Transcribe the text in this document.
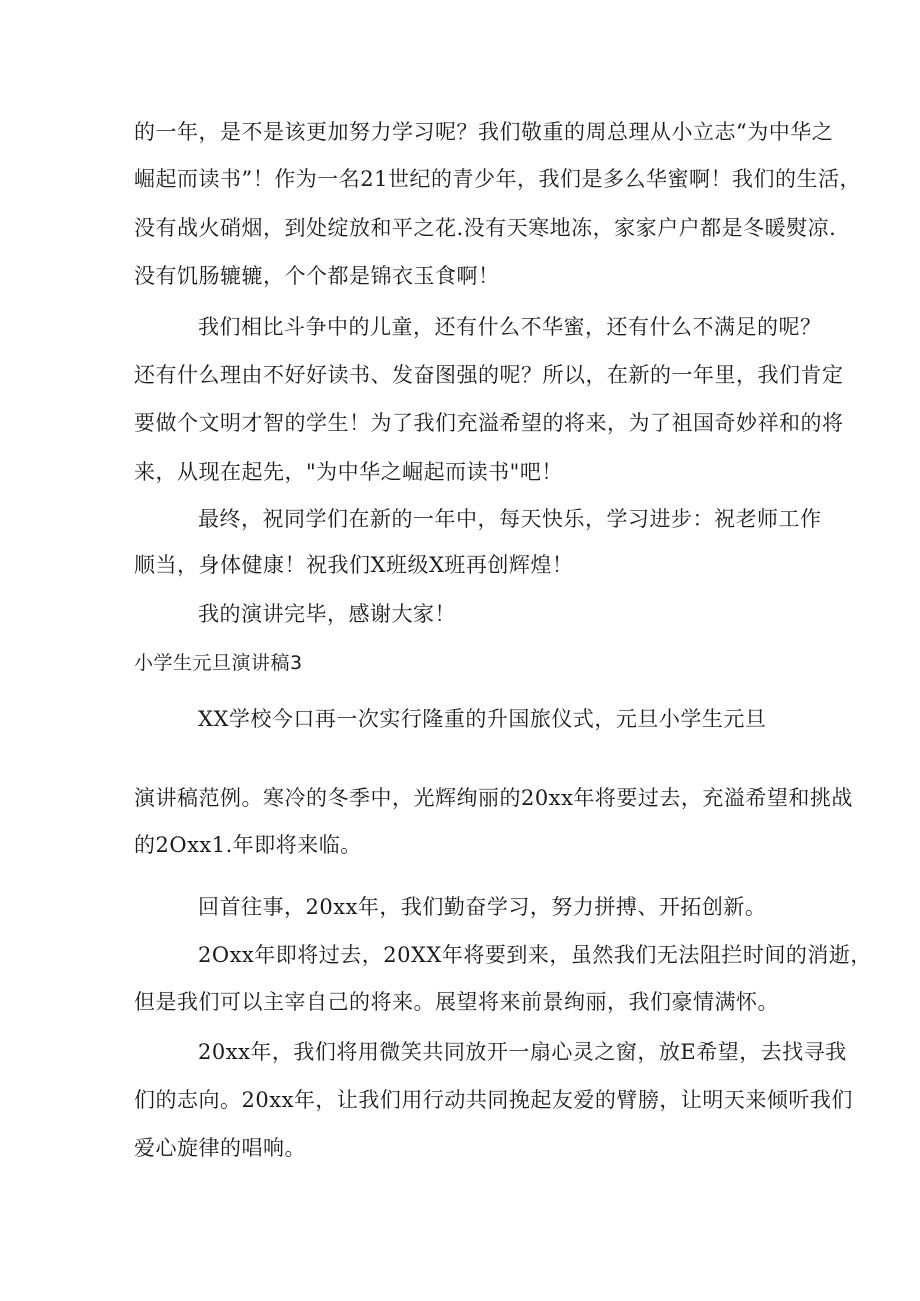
的一年，是不是该更加努力学习呢？我们敬重的周总理从小立志“为中华之
崛起而读书”！作为一名21世纪的青少年，我们是多么华蜜啊！我们的生活，
没有战火硝烟，到处绽放和平之花.没有天寒地冻，家家户户都是冬暖熨凉.
没有饥肠辘辘，个个都是锦衣玉食啊！
我们相比斗争中的儿童，还有什么不华蜜，还有什么不满足的呢？
还有什么理由不好好读书、发奋图强的呢？所以，在新的一年里，我们肯定
要做个文明才智的学生！为了我们充溢希望的将来，为了祖国奇妙祥和的将
来，从现在起先，"为中华之崛起而读书"吧！
最终，祝同学们在新的一年中，每天快乐，学习进步：祝老师工作
顺当，身体健康！祝我们X班级X班再创辉煌！
我的演讲完毕，感谢大家！
小学生元旦演讲稿3
XX学校今口再一次实行隆重的升国旅仪式，元旦小学生元旦
演讲稿范例。寒冷的冬季中，光辉绚丽的20xx年将要过去，充溢希望和挑战
的2Oxx1.年即将来临。
回首往事，20xx年，我们勤奋学习，努力拼搏、开拓创新。
2Oxx年即将过去，20XX年将要到来，虽然我们无法阻拦时间的消逝，
但是我们可以主宰自己的将来。展望将来前景绚丽，我们豪情满怀。
20xx年，我们将用微笑共同放开一扇心灵之窗，放E希望，去找寻我
们的志向。20xx年，让我们用行动共同挽起友爱的臂膀，让明天来倾听我们
爱心旋律的唱响。
